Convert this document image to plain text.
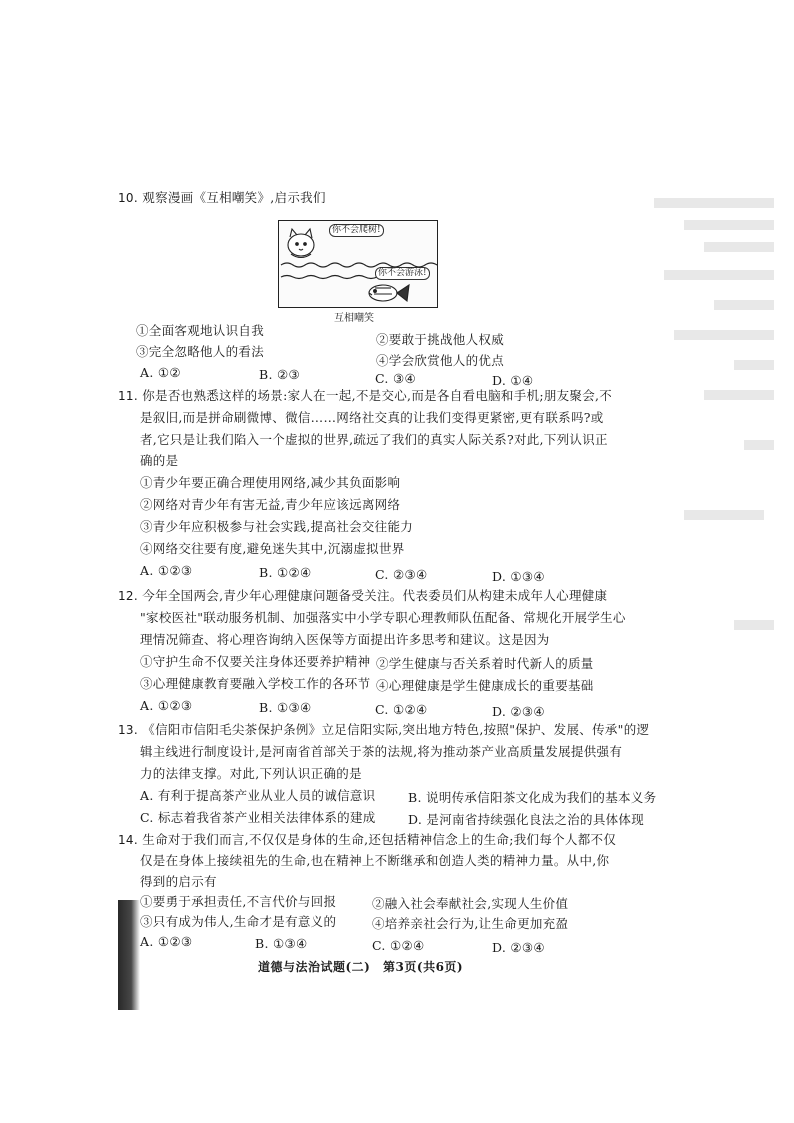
10. 观察漫画《互相嘲笑》,启示我们
你不会爬树!
你不会游泳!
互相嘲笑
①全面客观地认识自我
②要敢于挑战他人权威
③完全忽略他人的看法
④学会欣赏他人的优点
A. ①②	B. ②③	C. ③④	D. ①④
11. 你是否也熟悉这样的场景:家人在一起,不是交心,而是各自看电脑和手机;朋友聚会,不
是叙旧,而是拼命刷微博、微信……网络社交真的让我们变得更紧密,更有联系吗?或
者,它只是让我们陷入一个虚拟的世界,疏远了我们的真实人际关系?对此,下列认识正
确的是
①青少年要正确合理使用网络,减少其负面影响
②网络对青少年有害无益,青少年应该远离网络
③青少年应积极参与社会实践,提高社会交往能力
④网络交往要有度,避免迷失其中,沉溺虚拟世界
A. ①②③	B. ①②④	C. ②③④	D. ①③④
12. 今年全国两会,青少年心理健康问题备受关注。代表委员们从构建未成年人心理健康
"家校医社"联动服务机制、加强落实中小学专职心理教师队伍配备、常规化开展学生心
理情况筛查、将心理咨询纳入医保等方面提出许多思考和建议。这是因为
①守护生命不仅要关注身体还要养护精神 ②学生健康与否关系着时代新人的质量
③心理健康教育要融入学校工作的各环节 ④心理健康是学生健康成长的重要基础
A. ①②③	B. ①③④	C. ①②④	D. ②③④
13. 《信阳市信阳毛尖茶保护条例》立足信阳实际,突出地方特色,按照"保护、发展、传承"的逻
辑主线进行制度设计,是河南省首部关于茶的法规,将为推动茶产业高质量发展提供强有
力的法律支撑。对此,下列认识正确的是
A. 有利于提高茶产业从业人员的诚信意识	B. 说明传承信阳茶文化成为我们的基本义务
C. 标志着我省茶产业相关法律体系的建成	D. 是河南省持续强化良法之治的具体体现
14. 生命对于我们而言,不仅仅是身体的生命,还包括精神信念上的生命;我们每个人都不仅
仅是在身体上接续祖先的生命,也在精神上不断继承和创造人类的精神力量。从中,你
得到的启示有
①要勇于承担责任,不言代价与回报	②融入社会奉献社会,实现人生价值
③只有成为伟人,生命才是有意义的	④培养亲社会行为,让生命更加充盈
A. ①②③	B. ①③④	C. ①②④	D. ②③④
道德与法治试题(二) 第3页(共6页)
